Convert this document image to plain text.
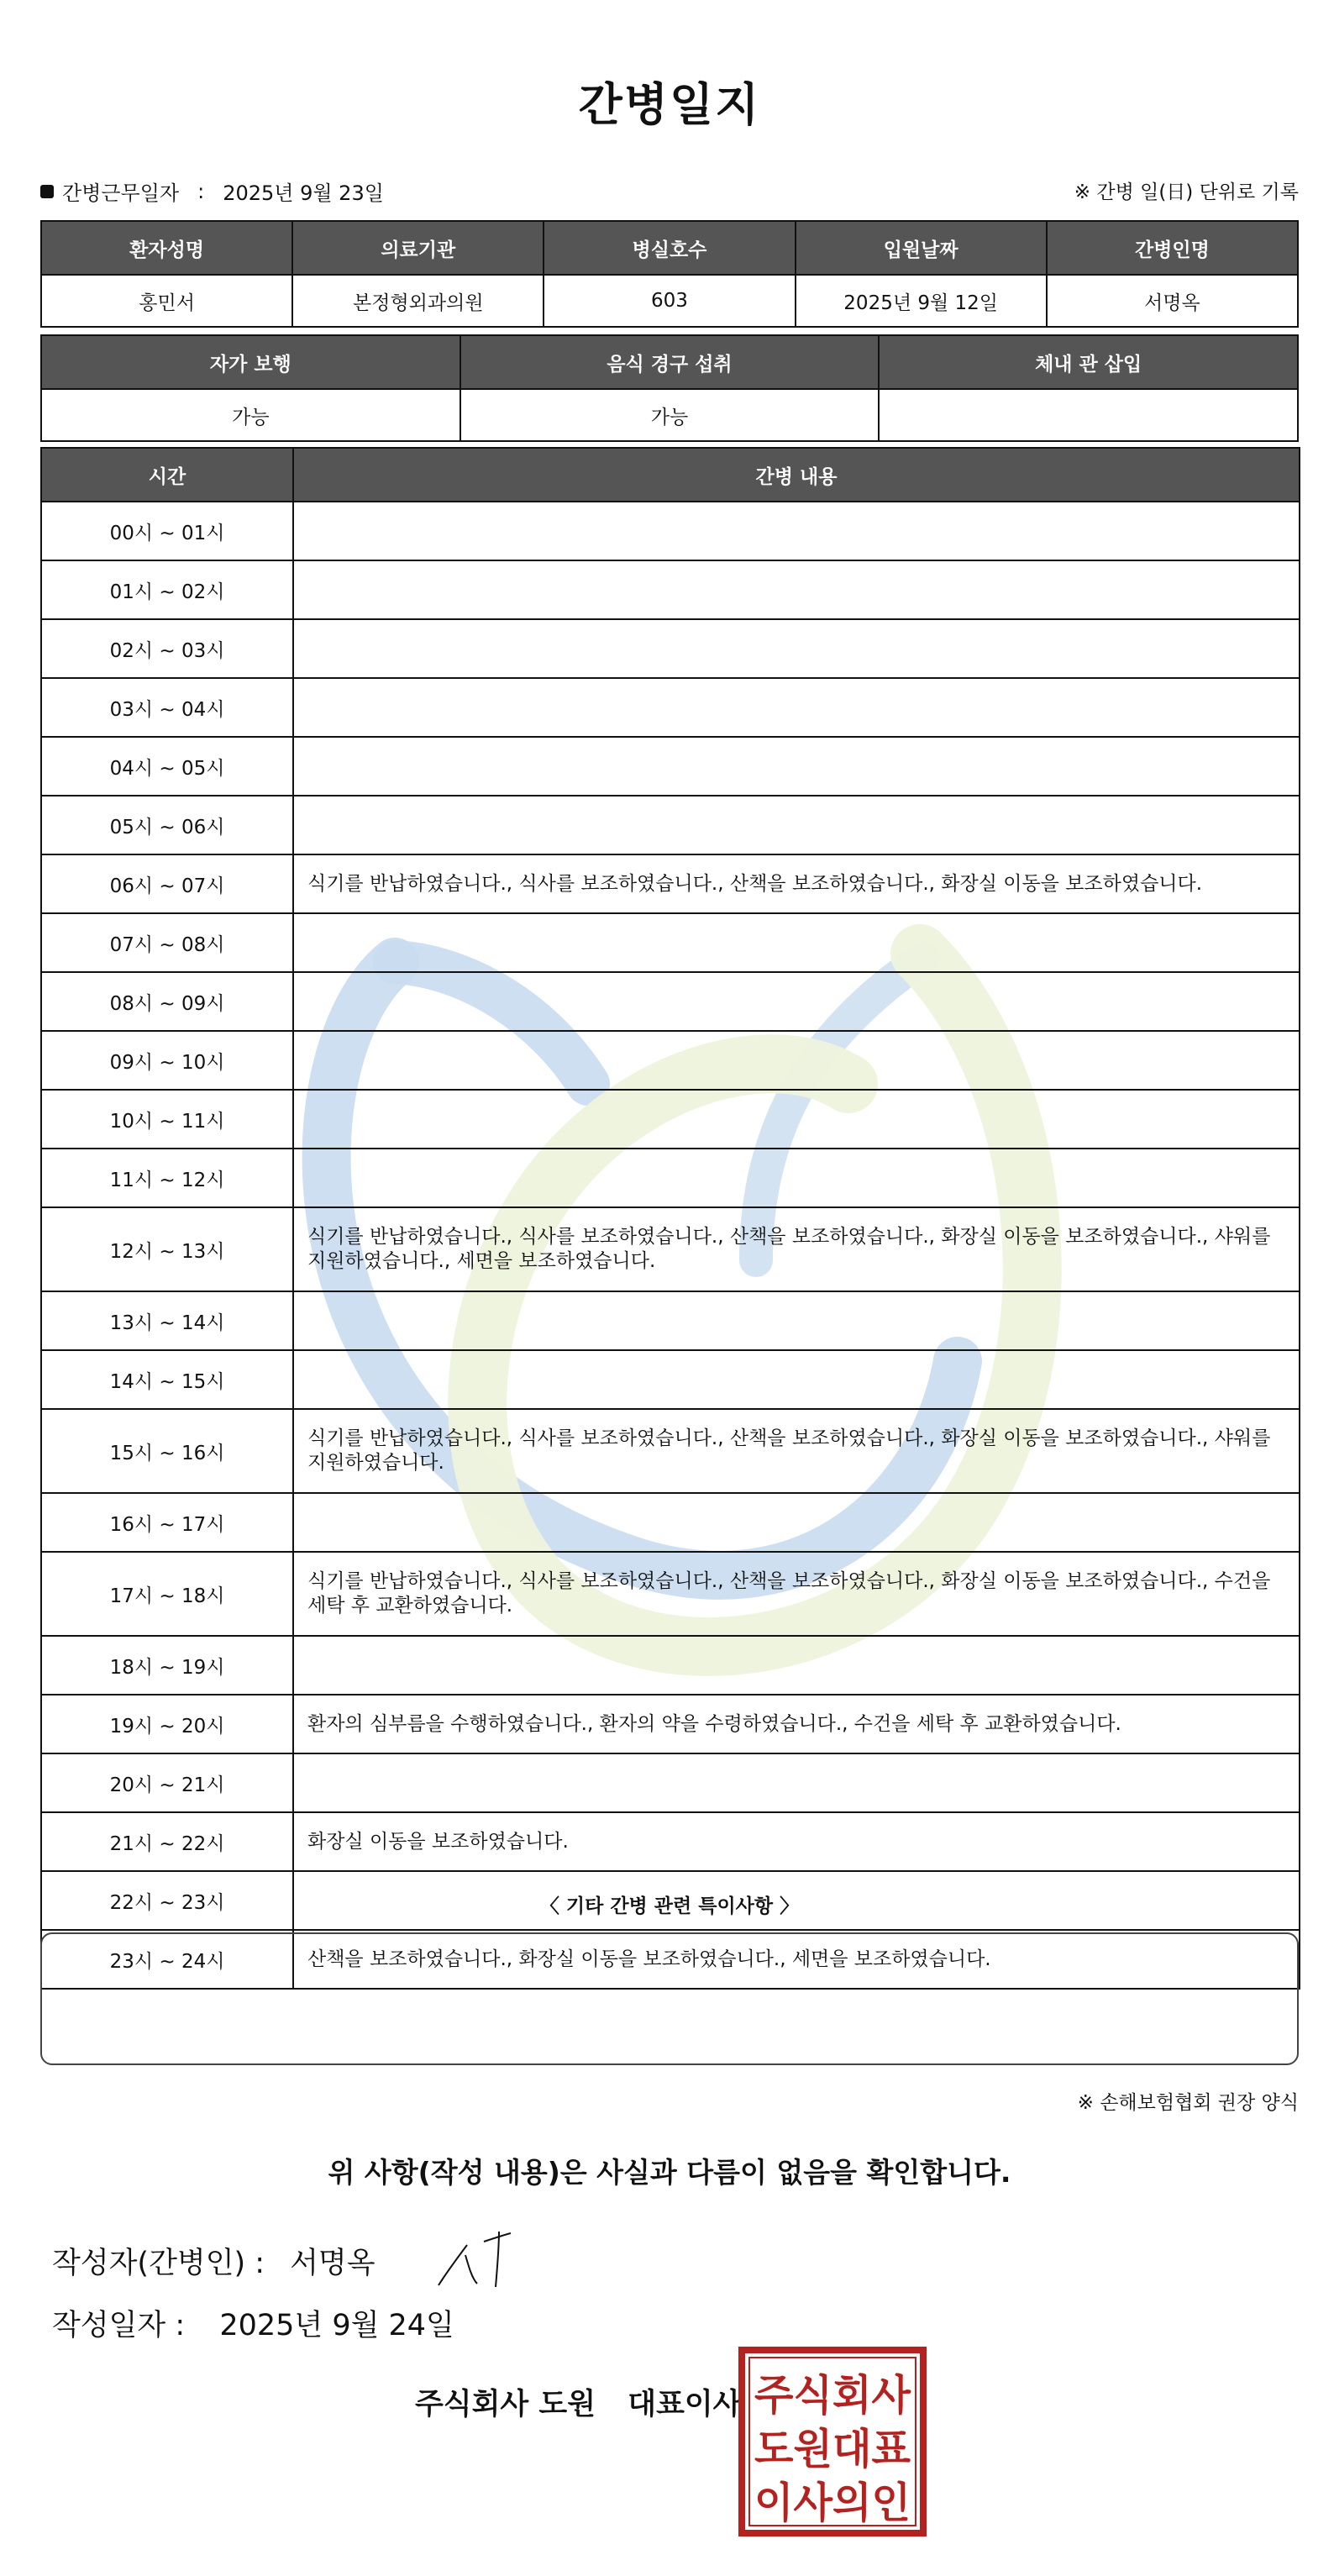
간병일지
간병근무일자 : 2025년 9월 23일	※ 간병 일(日) 단위로 기록
환자성명	의료기관	병실호수	입원날짜	간병인명
홍민서	본정형외과의원	603	2025년 9월 12일	서명옥
자가 보행	음식 경구 섭취	체내 관 삽입
가능	가능	
시간	간병 내용
00시 ~ 01시	
01시 ~ 02시	
02시 ~ 03시	
03시 ~ 04시	
04시 ~ 05시	
05시 ~ 06시	
06시 ~ 07시	식기를 반납하였습니다., 식사를 보조하였습니다., 산책을 보조하였습니다., 화장실 이동을 보조하였습니다.
07시 ~ 08시	
08시 ~ 09시	
09시 ~ 10시	
10시 ~ 11시	
11시 ~ 12시	
12시 ~ 13시	식기를 반납하였습니다., 식사를 보조하였습니다., 산책을 보조하였습니다., 화장실 이동을 보조하였습니다., 샤워를 지원하였습니다., 세면을 보조하였습니다.
13시 ~ 14시	
14시 ~ 15시	
15시 ~ 16시	식기를 반납하였습니다., 식사를 보조하였습니다., 산책을 보조하였습니다., 화장실 이동을 보조하였습니다., 샤워를 지원하였습니다.
16시 ~ 17시	
17시 ~ 18시	식기를 반납하였습니다., 식사를 보조하였습니다., 산책을 보조하였습니다., 화장실 이동을 보조하였습니다., 수건을 세탁 후 교환하였습니다.
18시 ~ 19시	
19시 ~ 20시	환자의 심부름을 수행하였습니다., 환자의 약을 수령하였습니다., 수건을 세탁 후 교환하였습니다.
20시 ~ 21시	
21시 ~ 22시	화장실 이동을 보조하였습니다.
22시 ~ 23시	
23시 ~ 24시	산책을 보조하였습니다., 화장실 이동을 보조하였습니다., 세면을 보조하였습니다.
〈 기타 간병 관련 특이사항 〉
※ 손해보험협회 권장 양식
위 사항(작성 내용)은 사실과 다름이 없음을 확인합니다.
작성자(간병인) : 서명옥
작성일자 : 2025년 9월 24일
주식회사 도원 대표이사 주식회사
도원대표
이사의인
